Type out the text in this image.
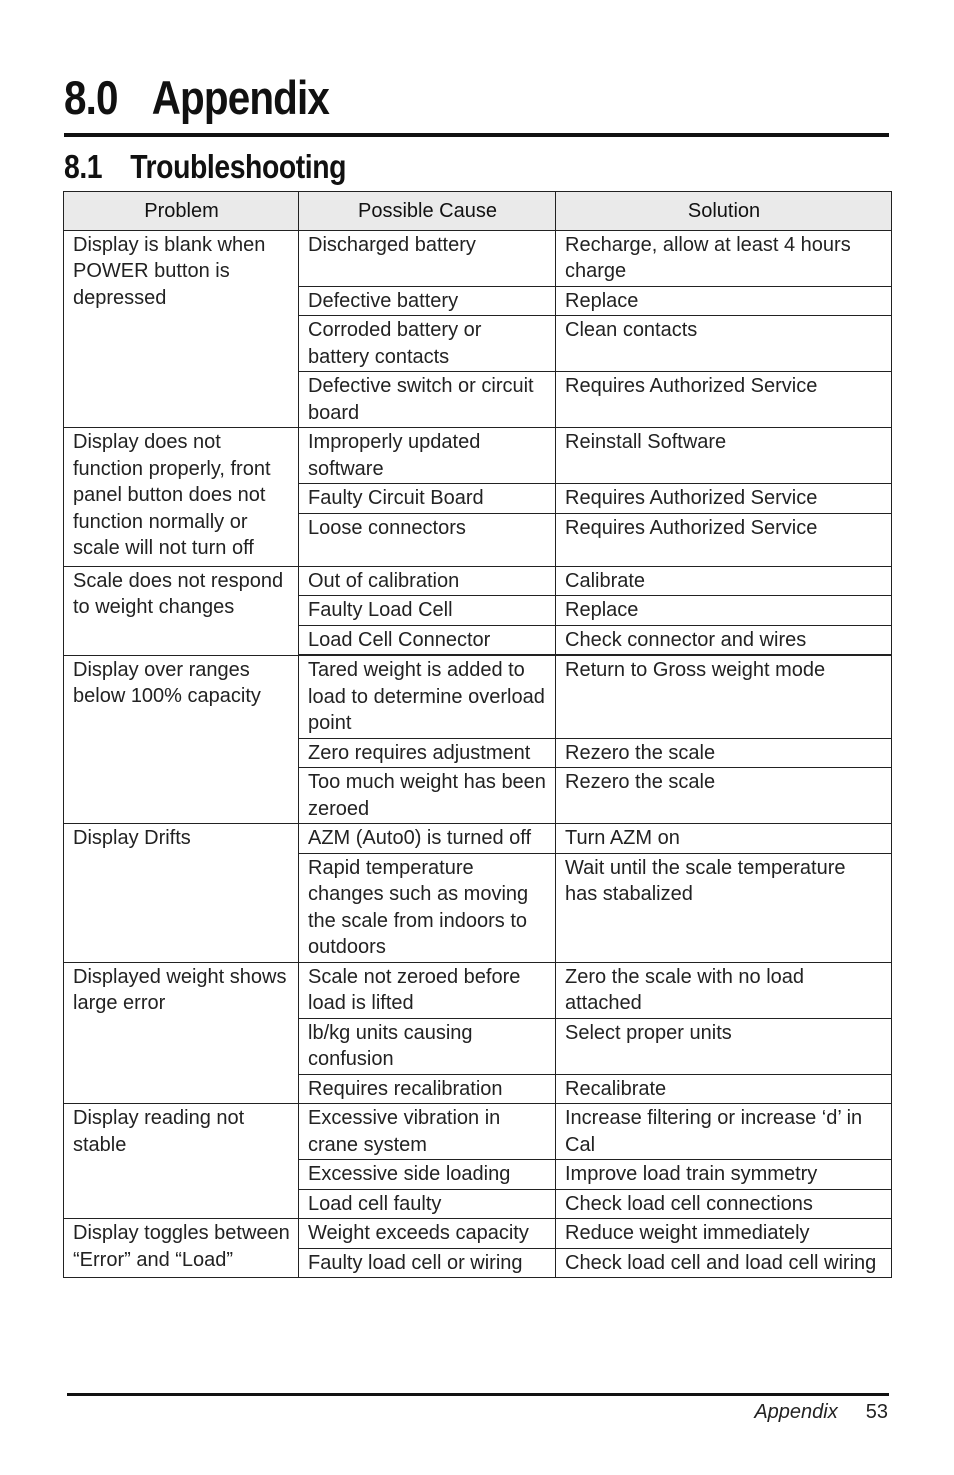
8.0 Appendix
8.1 Troubleshooting
Problem	Possible Cause	Solution
Display is blank when POWER button is depressed	Discharged battery	Recharge, allow at least 4 hours charge
	Defective battery	Replace
	Corroded battery or battery contacts	Clean contacts
	Defective switch or circuit board	Requires Authorized Service
Display does not function properly, front panel button does not function normally or scale will not turn off	Improperly updated software	Reinstall Software
	Faulty Circuit Board	Requires Authorized Service
	Loose connectors	Requires Authorized Service
Scale does not respond to weight changes	Out of calibration	Calibrate
	Faulty Load Cell	Replace
	Load Cell Connector	Check connector and wires
Display over ranges below 100% capacity	Tared weight is added to load to determine overload point	Return to Gross weight mode
	Zero requires adjustment	Rezero the scale
	Too much weight has been zeroed	Rezero the scale
Display Drifts	AZM (Auto0) is turned off	Turn AZM on
	Rapid temperature changes such as moving the scale from indoors to outdoors	Wait until the scale temperature has stabalized
Displayed weight shows large error	Scale not zeroed before load is lifted	Zero the scale with no load attached
	lb/kg units causing confusion	Select proper units
	Requires recalibration	Recalibrate
Display reading not stable	Excessive vibration in crane system	Increase filtering or increase ‘d’ in Cal
	Excessive side loading	Improve load train symmetry
	Load cell faulty	Check load cell connections
Display toggles between “Error” and “Load”	Weight exceeds capacity	Reduce weight immediately
	Faulty load cell or wiring	Check load cell and load cell wiring
Appendix 53
